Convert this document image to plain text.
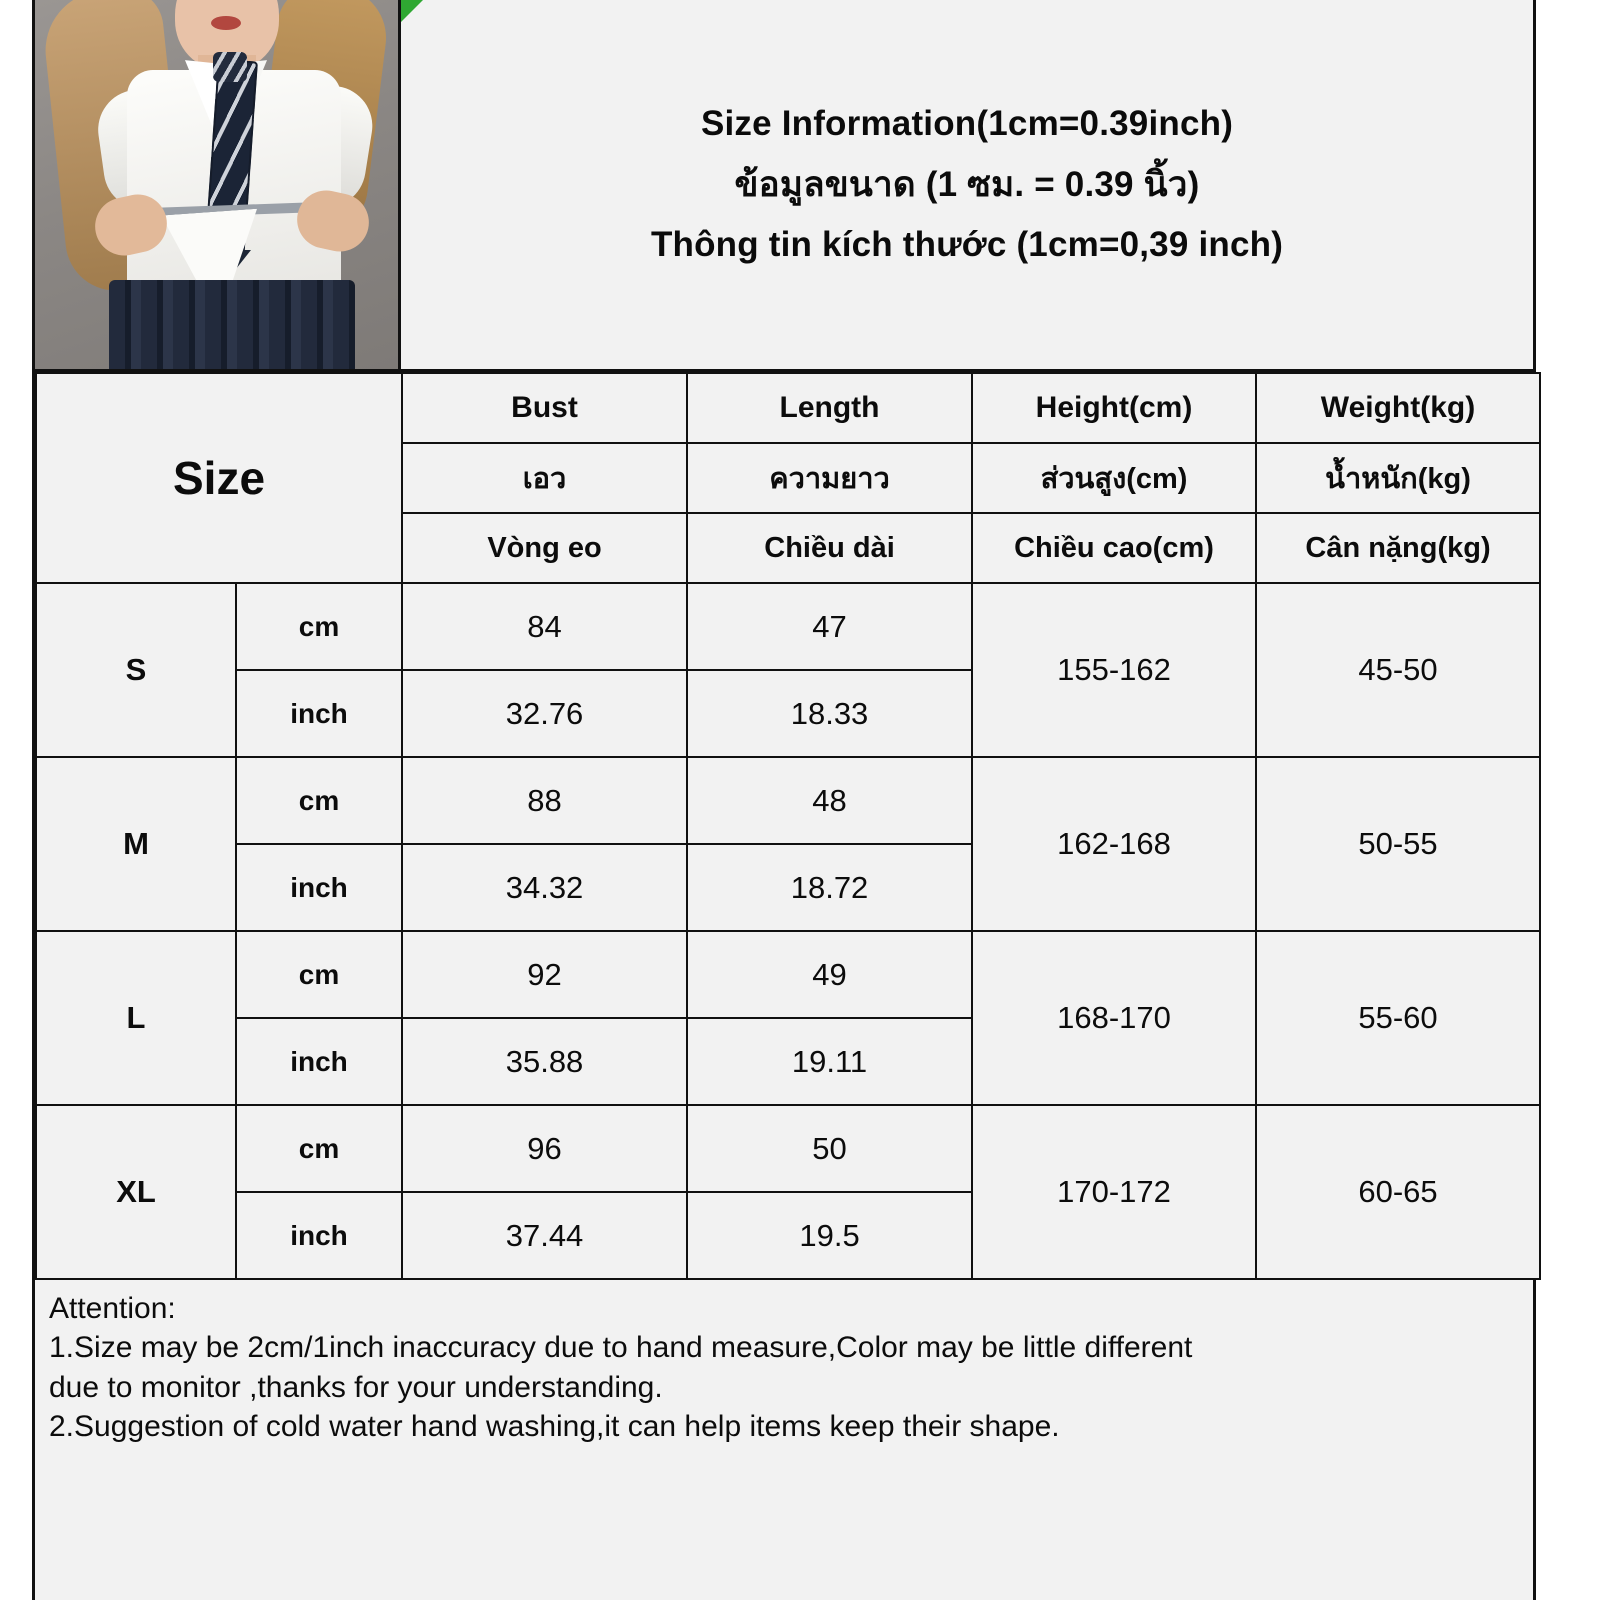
Size Information(1cm=0.39inch)
ข้อมูลขนาด (1 ซม. = 0.39 นิ้ว)
Thông tin kích thước (1cm=0,39 inch)
Size		Bust	Length	Height(cm)	Weight(kg)
		เอว	ความยาว	ส่วนสูง(cm)	น้ำหนัก(kg)
		Vòng eo	Chiều dài	Chiều cao(cm)	Cân nặng(kg)
S	cm	84	47	155-162	45-50
	inch	32.76	18.33		
M	cm	88	48	162-168	50-55
	inch	34.32	18.72		
L	cm	92	49	168-170	55-60
	inch	35.88	19.11		
XL	cm	96	50	170-172	60-65
	inch	37.44	19.5		

Attention:

1.Size may be 2cm/1inch inaccuracy due to hand measure,Color may be little different

due to monitor ,thanks for your understanding.

2.Suggestion of cold water hand washing,it can help items keep their shape.
